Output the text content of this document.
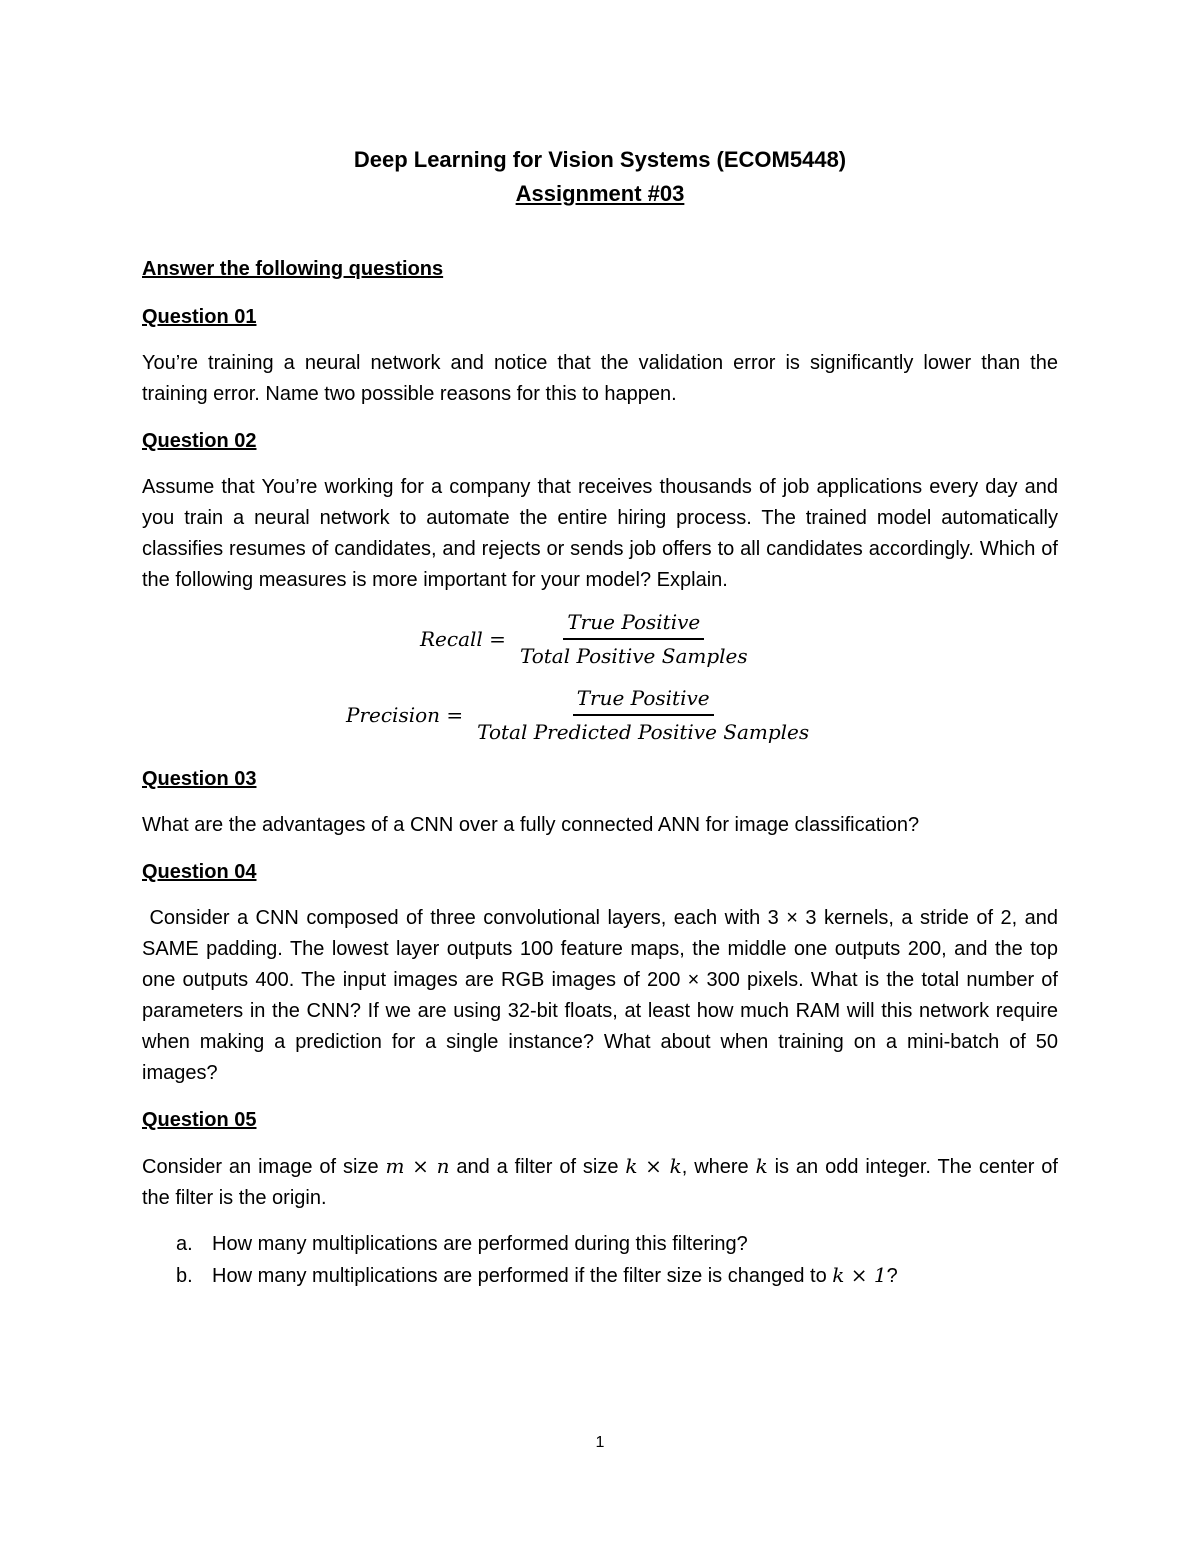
Deep Learning for Vision Systems (ECOM5448)
Assignment #03
Answer the following questions
Question 01
You’re training a neural network and notice that the validation error is significantly lower than the training error. Name two possible reasons for this to happen.
Question 02
Assume that You’re working for a company that receives thousands of job applications every day and you train a neural network to automate the entire hiring process. The trained model automatically classifies resumes of candidates, and rejects or sends job offers to all candidates accordingly. Which of the following measures is more important for your model? Explain.
Recall = $\frac{\text{True Positive}}{\text{Total Positive Samples}}$
Precision = $\frac{\text{True Positive}}{\text{Total Predicted Positive Samples}}$
Question 03
What are the advantages of a CNN over a fully connected ANN for image classification?
Question 04
Consider a CNN composed of three convolutional layers, each with 3 × 3 kernels, a stride of 2, and SAME padding. The lowest layer outputs 100 feature maps, the middle one outputs 200, and the top one outputs 400. The input images are RGB images of 200 × 300 pixels. What is the total number of parameters in the CNN? If we are using 32-bit floats, at least how much RAM will this network require when making a prediction for a single instance? What about when training on a mini-batch of 50 images?
Question 05
Consider an image of size m × n and a filter of size k × k, where k is an odd integer. The center of the filter is the origin.
a. How many multiplications are performed during this filtering?
b. How many multiplications are performed if the filter size is changed to k × 1?
1
